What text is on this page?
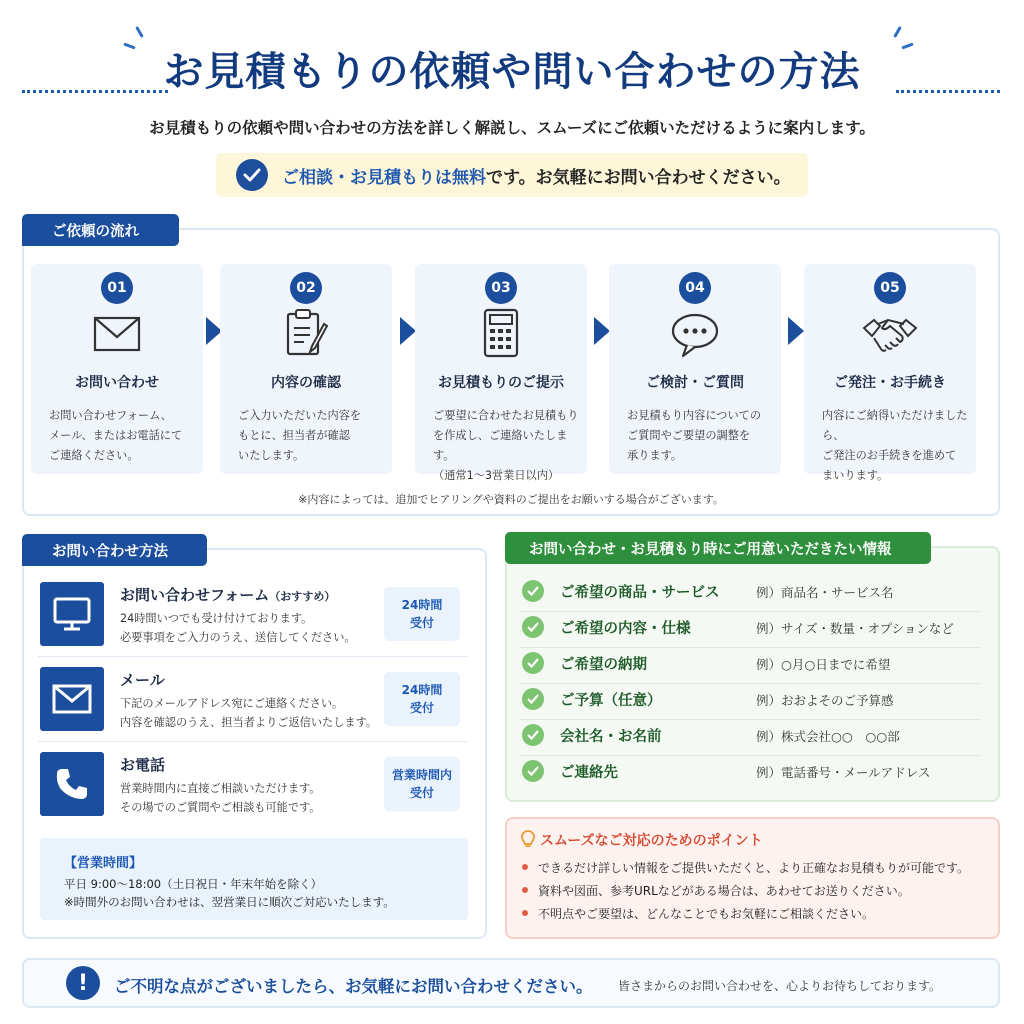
お見積もりの依頼や問い合わせの方法
お見積もりの依頼や問い合わせの方法を詳しく解説し、スムーズにご依頼いただけるように案内します。
ご相談・お見積もりは無料です。お気軽にお問い合わせください。
ご依頼の流れ
01
お問い合わせ
お問い合わせフォーム、
メール、またはお電話にて
ご連絡ください。
02
内容の確認
ご入力いただいた内容を
もとに、担当者が確認
いたします。
03
お見積もりのご提示
ご要望に合わせたお見積もり
を作成し、ご連絡いたします。
（通常1〜3営業日以内）
04
ご検討・ご質問
お見積もり内容についての
ご質問やご要望の調整を
承ります。
05
ご発注・お手続き
内容にご納得いただけましたら、
ご発注のお手続きを進めて
まいります。
※内容によっては、追加でヒアリングや資料のご提出をお願いする場合がございます。
お問い合わせ方法
お問い合わせフォーム（おすすめ）
24時間いつでも受け付けております。
必要事項をご入力のうえ、送信してください。
24時間
受付
メール
下記のメールアドレス宛にご連絡ください。
内容を確認のうえ、担当者よりご返信いたします。
24時間
受付
お電話
営業時間内に直接ご相談いただけます。
その場でのご質問やご相談も可能です。
営業時間内
受付
【営業時間】
平日 9:00〜18:00（土日祝日・年末年始を除く）
※時間外のお問い合わせは、翌営業日に順次ご対応いたします。
お問い合わせ・お見積もり時にご用意いただきたい情報
ご希望の商品・サービス	例）商品名・サービス名
ご希望の内容・仕様	例）サイズ・数量・オプションなど
ご希望の納期	例）○月○日までに希望
ご予算（任意）	例）おおよそのご予算感
会社名・お名前	例）株式会社○○　○○部
ご連絡先	例）電話番号・メールアドレス
スムーズなご対応のためのポイント
できるだけ詳しい情報をご提供いただくと、より正確なお見積もりが可能です。
資料や図面、参考URLなどがある場合は、あわせてお送りください。
不明点やご要望は、どんなことでもお気軽にご相談ください。
!	ご不明な点がございましたら、お気軽にお問い合わせください。 皆さまからのお問い合わせを、心よりお待ちしております。
